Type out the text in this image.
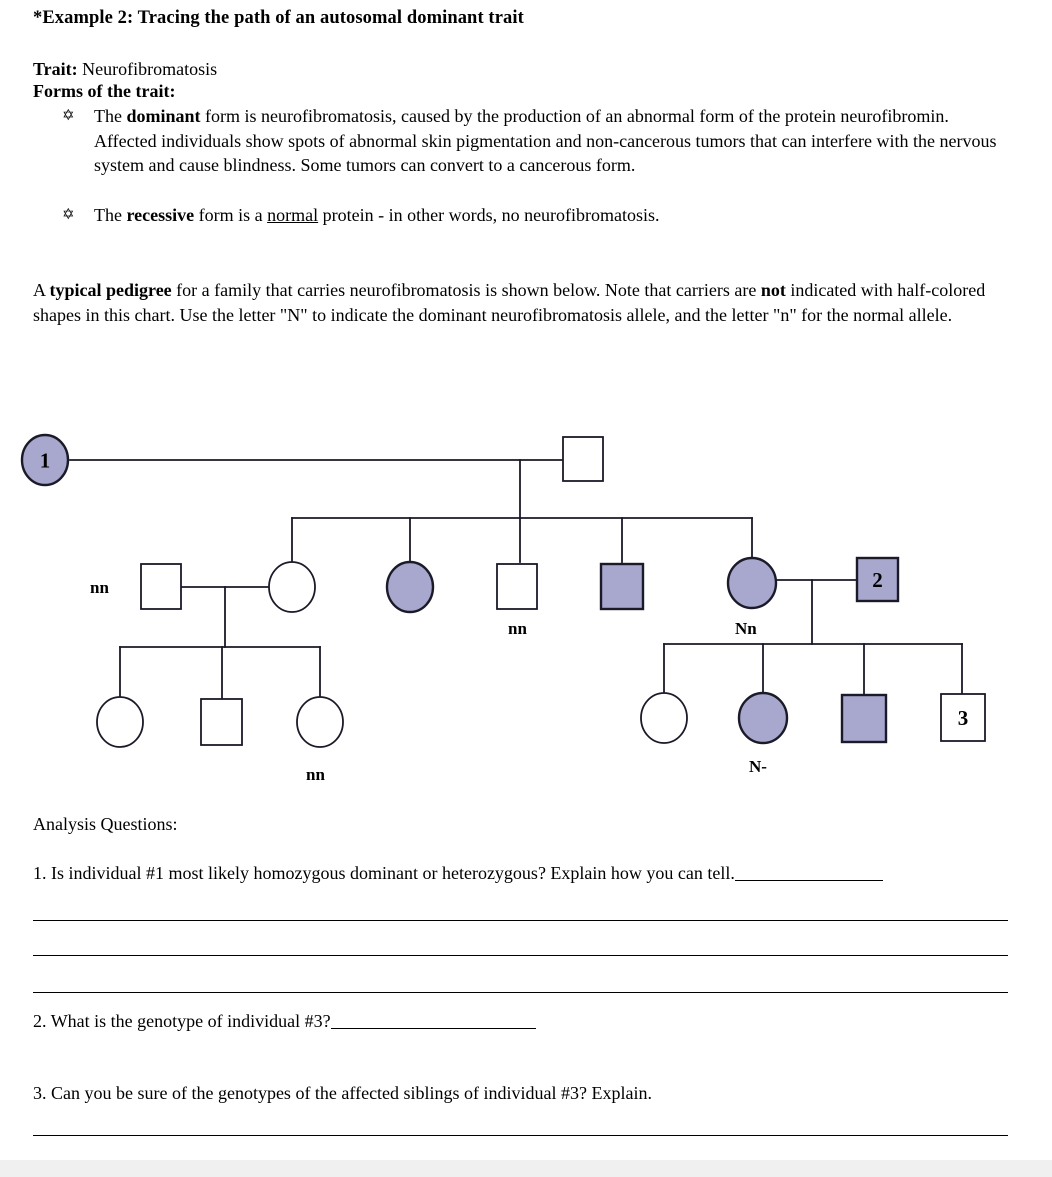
*Example 2: Tracing the path of an autosomal dominant trait
Trait: Neurofibromatosis
Forms of the trait:
✡	The dominant form is neurofibromatosis, caused by the production of an abnormal form of the protein neurofibromin. Affected individuals show spots of abnormal skin pigmentation and non-cancerous tumors that can interfere with the nervous system and cause blindness. Some tumors can convert to a cancerous form.
✡	The recessive form is a normal protein - in other words, no neurofibromatosis.
A typical pedigree for a family that carries neurofibromatosis is shown below. Note that carriers are not indicated with half-colored shapes in this chart. Use the letter "N" to indicate the dominant neurofibromatosis allele, and the letter "n" for the normal allele.
1
2
3
Analysis Questions:
1. Is individual #1 most likely homozygous dominant or heterozygous? Explain how you can tell.
2. What is the genotype of individual #3?
3. Can you be sure of the genotypes of the affected siblings of individual #3? Explain.
nn
nn	Nn
nn	N-
